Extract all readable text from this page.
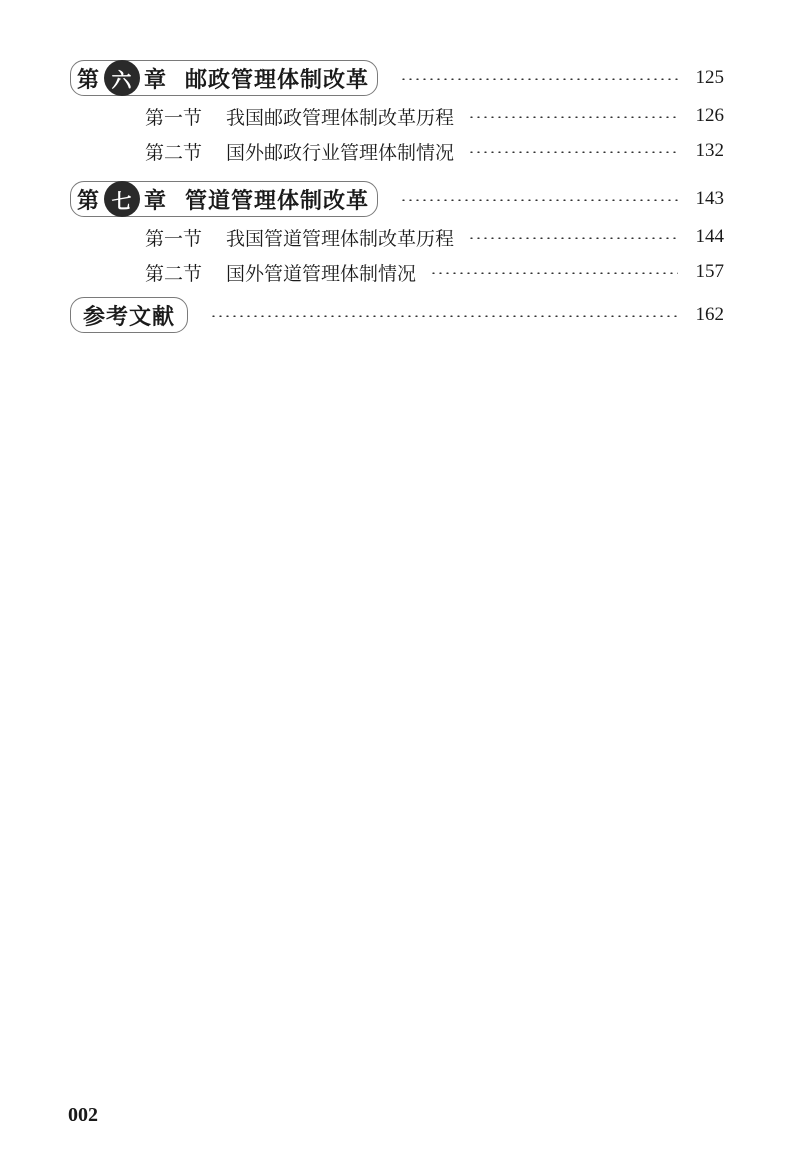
第 六 章 邮政管理体制改革	125
第一节 我国邮政管理体制改革历程	126
第二节 国外邮政行业管理体制情况	132
第 七 章 管道管理体制改革	143
第一节 我国管道管理体制改革历程	144
第二节 国外管道管理体制情况	157
参考文献	162
002
